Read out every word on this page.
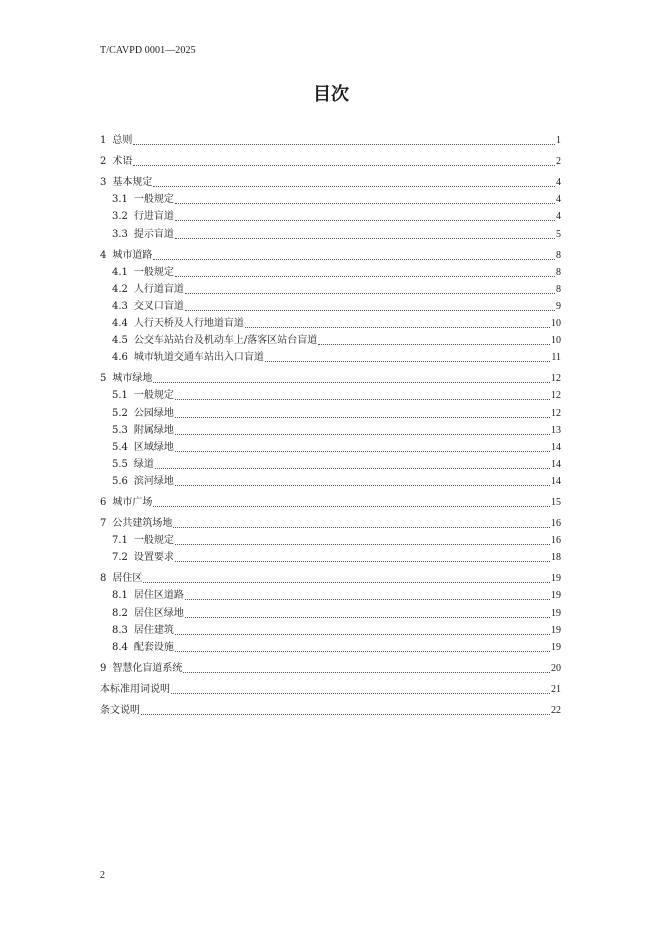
T/CAVPD 0001—2025
目次
1 总则	1
2 术语	2
3 基本规定	4
3.1 一般规定	4
3.2 行进盲道	4
3.3 提示盲道	5
4 城市道路	8
4.1 一般规定	8
4.2 人行道盲道	8
4.3 交叉口盲道	9
4.4 人行天桥及人行地道盲道	10
4.5 公交车站站台及机动车上/落客区站台盲道	10
4.6 城市轨道交通车站出入口盲道	11
5 城市绿地	12
5.1 一般规定	12
5.2 公园绿地	12
5.3 附属绿地	13
5.4 区域绿地	14
5.5 绿道	14
5.6 滨河绿地	14
6 城市广场	15
7 公共建筑场地	16
7.1 一般规定	16
7.2 设置要求	18
8 居住区	19
8.1 居住区道路	19
8.2 居住区绿地	19
8.3 居住建筑	19
8.4 配套设施	19
9 智慧化盲道系统	20
本标准用词说明	21
条文说明	22
2
